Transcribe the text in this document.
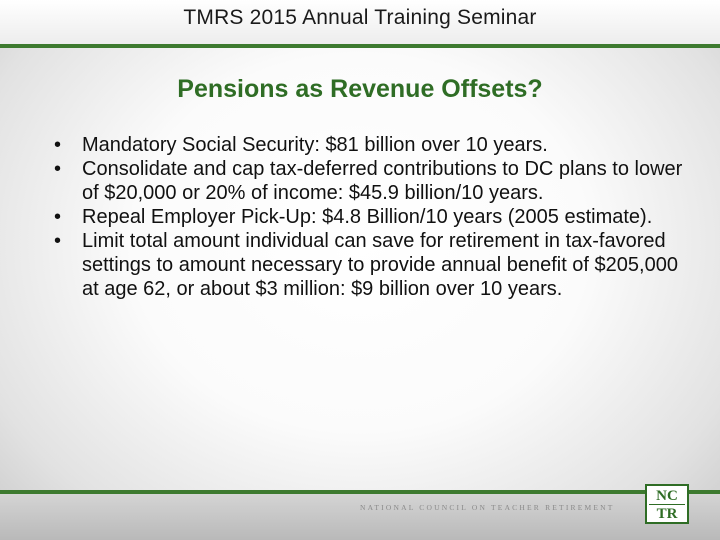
TMRS 2015 Annual Training Seminar
Pensions as Revenue Offsets?
•	Mandatory Social Security: $81 billion over 10 years.
•	Consolidate and cap tax-deferred contributions to DC plans to lower of $20,000 or 20% of income: $45.9 billion/10 years.
•	Repeal Employer Pick-Up: $4.8 Billion/10 years (2005 estimate).
•	Limit total amount individual can save for retirement in tax-favored settings to amount necessary to provide annual benefit of $205,000 at age 62, or about $3 million: $9 billion over 10 years.
NATIONAL COUNCIL ON TEACHER RETIREMENT
NC
TR
